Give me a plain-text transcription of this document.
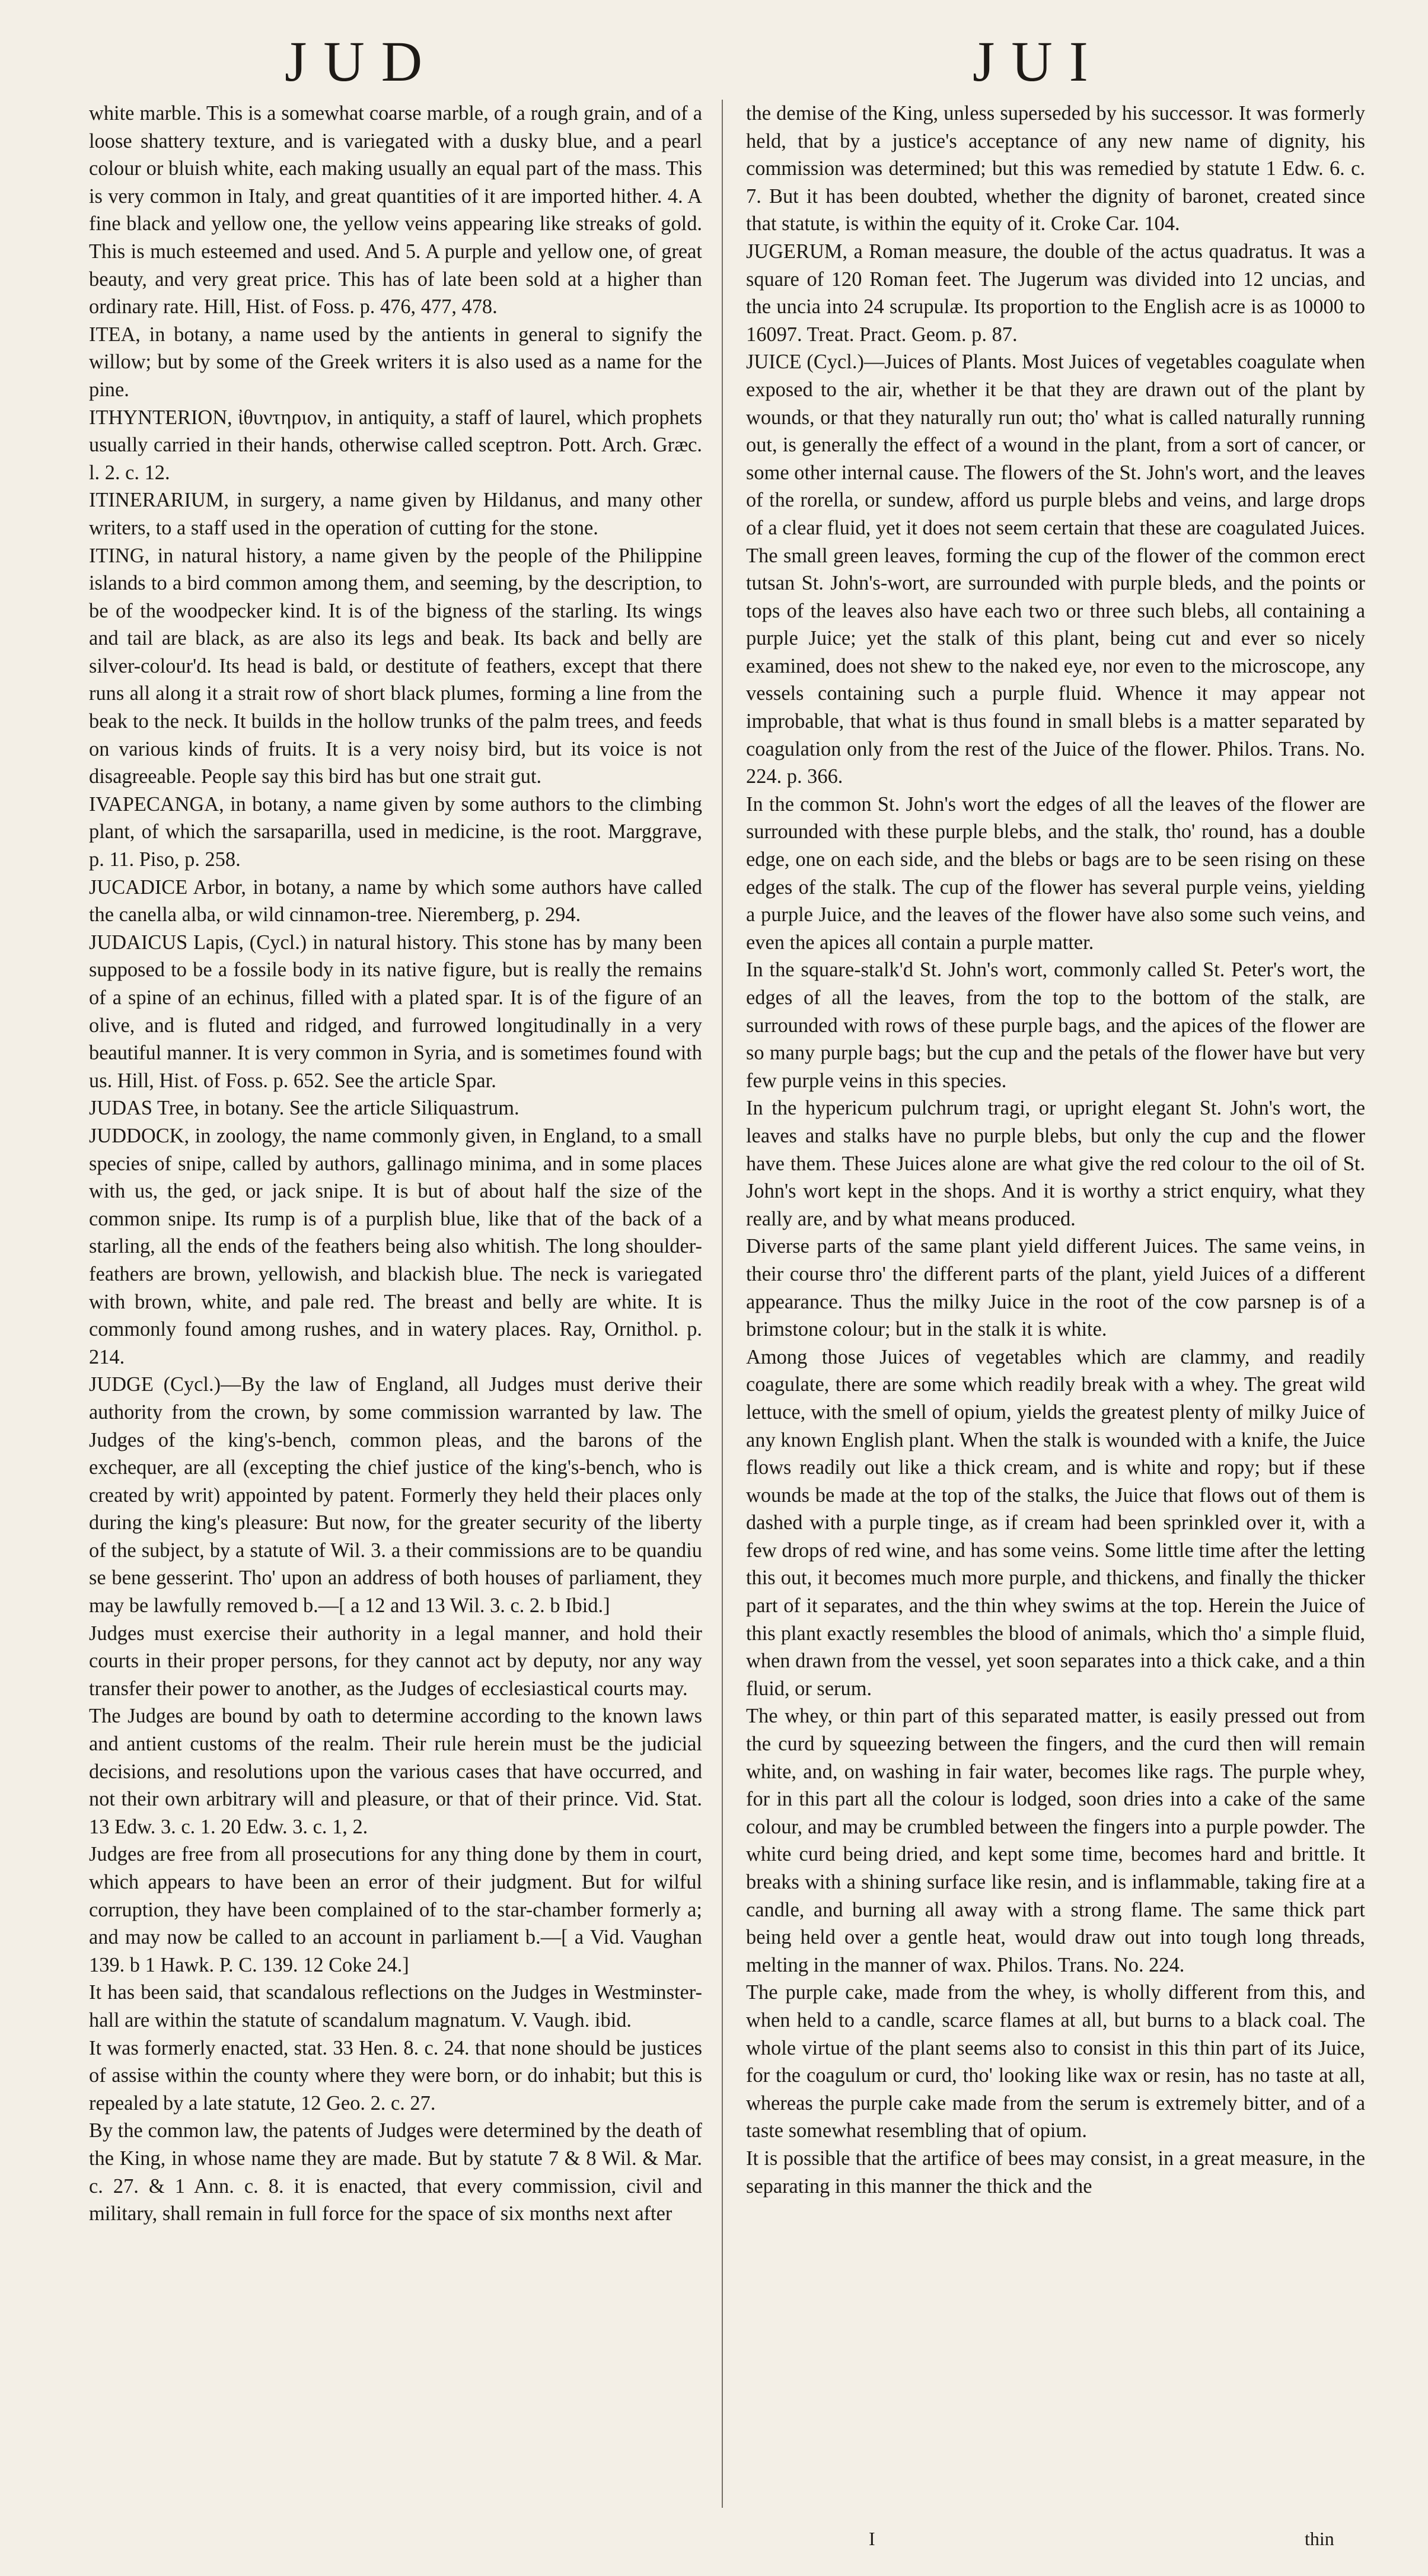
JUD	JUI

white marble. This is a somewhat coarse marble, of a rough grain, and of a loose shattery texture, and is variegated with a dusky blue, and a pearl colour or bluish white, each making usually an equal part of the mass. This is very common in Italy, and great quantities of it are imported hither. 4. A fine black and yellow one, the yellow veins appearing like streaks of gold. This is much esteemed and used. And 5. A purple and yellow one, of great beauty, and very great price. This has of late been sold at a higher than ordinary rate. Hill, Hist. of Foss. p. 476, 477, 478.

ITEA, in botany, a name used by the antients in general to signify the willow; but by some of the Greek writers it is also used as a name for the pine.

ITHYNTERION, ἰθυντηριον, in antiquity, a staff of laurel, which prophets usually carried in their hands, otherwise called sceptron. Pott. Arch. Græc. l. 2. c. 12.

ITINERARIUM, in surgery, a name given by Hildanus, and many other writers, to a staff used in the operation of cutting for the stone.

ITING, in natural history, a name given by the people of the Philippine islands to a bird common among them, and seeming, by the description, to be of the woodpecker kind. It is of the bigness of the starling. Its wings and tail are black, as are also its legs and beak. Its back and belly are silver-colour'd. Its head is bald, or destitute of feathers, except that there runs all along it a strait row of short black plumes, forming a line from the beak to the neck. It builds in the hollow trunks of the palm trees, and feeds on various kinds of fruits. It is a very noisy bird, but its voice is not disagreeable. People say this bird has but one strait gut.

IVAPECANGA, in botany, a name given by some authors to the climbing plant, of which the sarsaparilla, used in medicine, is the root. Marggrave, p. 11. Piso, p. 258.

JUCADICE Arbor, in botany, a name by which some authors have called the canella alba, or wild cinnamon-tree. Nieremberg, p. 294.

JUDAICUS Lapis, (Cycl.) in natural history. This stone has by many been supposed to be a fossile body in its native figure, but is really the remains of a spine of an echinus, filled with a plated spar. It is of the figure of an olive, and is fluted and ridged, and furrowed longitudinally in a very beautiful manner. It is very common in Syria, and is sometimes found with us. Hill, Hist. of Foss. p. 652. See the article Spar.

JUDAS Tree, in botany. See the article Siliquastrum.

JUDDOCK, in zoology, the name commonly given, in England, to a small species of snipe, called by authors, gallinago minima, and in some places with us, the ged, or jack snipe. It is but of about half the size of the common snipe. Its rump is of a purplish blue, like that of the back of a starling, all the ends of the feathers being also whitish. The long shoulder-feathers are brown, yellowish, and blackish blue. The neck is variegated with brown, white, and pale red. The breast and belly are white. It is commonly found among rushes, and in watery places. Ray, Ornithol. p. 214.

JUDGE (Cycl.)—By the law of England, all Judges must derive their authority from the crown, by some commission warranted by law. The Judges of the king's-bench, common pleas, and the barons of the exchequer, are all (excepting the chief justice of the king's-bench, who is created by writ) appointed by patent. Formerly they held their places only during the king's pleasure: But now, for the greater security of the liberty of the subject, by a statute of Wil. 3. a their commissions are to be quandiu se bene gesserint. Tho' upon an address of both houses of parliament, they may be lawfully removed b.—[ a 12 and 13 Wil. 3. c. 2. b Ibid.]

Judges must exercise their authority in a legal manner, and hold their courts in their proper persons, for they cannot act by deputy, nor any way transfer their power to another, as the Judges of ecclesiastical courts may.

The Judges are bound by oath to determine according to the known laws and antient customs of the realm. Their rule herein must be the judicial decisions, and resolutions upon the various cases that have occurred, and not their own arbitrary will and pleasure, or that of their prince. Vid. Stat. 13 Edw. 3. c. 1. 20 Edw. 3. c. 1, 2.

Judges are free from all prosecutions for any thing done by them in court, which appears to have been an error of their judgment. But for wilful corruption, they have been complained of to the star-chamber formerly a; and may now be called to an account in parliament b.—[ a Vid. Vaughan 139. b 1 Hawk. P. C. 139. 12 Coke 24.]

It has been said, that scandalous reflections on the Judges in Westminster-hall are within the statute of scandalum magnatum. V. Vaugh. ibid.

It was formerly enacted, stat. 33 Hen. 8. c. 24. that none should be justices of assise within the county where they were born, or do inhabit; but this is repealed by a late statute, 12 Geo. 2. c. 27.

By the common law, the patents of Judges were determined by the death of the King, in whose name they are made. But by statute 7 & 8 Wil. & Mar. c. 27. & 1 Ann. c. 8. it is enacted, that every commission, civil and military, shall remain in full force for the space of six months next after

the demise of the King, unless superseded by his successor. It was formerly held, that by a justice's acceptance of any new name of dignity, his commission was determined; but this was remedied by statute 1 Edw. 6. c. 7. But it has been doubted, whether the dignity of baronet, created since that statute, is within the equity of it. Croke Car. 104.

JUGERUM, a Roman measure, the double of the actus quadratus. It was a square of 120 Roman feet. The Jugerum was divided into 12 uncias, and the uncia into 24 scrupulæ. Its proportion to the English acre is as 10000 to 16097. Treat. Pract. Geom. p. 87.

JUICE (Cycl.)—Juices of Plants. Most Juices of vegetables coagulate when exposed to the air, whether it be that they are drawn out of the plant by wounds, or that they naturally run out; tho' what is called naturally running out, is generally the effect of a wound in the plant, from a sort of cancer, or some other internal cause. The flowers of the St. John's wort, and the leaves of the rorella, or sundew, afford us purple blebs and veins, and large drops of a clear fluid, yet it does not seem certain that these are coagulated Juices. The small green leaves, forming the cup of the flower of the common erect tutsan St. John's-wort, are surrounded with purple bleds, and the points or tops of the leaves also have each two or three such blebs, all containing a purple Juice; yet the stalk of this plant, being cut and ever so nicely examined, does not shew to the naked eye, nor even to the microscope, any vessels containing such a purple fluid. Whence it may appear not improbable, that what is thus found in small blebs is a matter separated by coagulation only from the rest of the Juice of the flower. Philos. Trans. No. 224. p. 366.

In the common St. John's wort the edges of all the leaves of the flower are surrounded with these purple blebs, and the stalk, tho' round, has a double edge, one on each side, and the blebs or bags are to be seen rising on these edges of the stalk. The cup of the flower has several purple veins, yielding a purple Juice, and the leaves of the flower have also some such veins, and even the apices all contain a purple matter.

In the square-stalk'd St. John's wort, commonly called St. Peter's wort, the edges of all the leaves, from the top to the bottom of the stalk, are surrounded with rows of these purple bags, and the apices of the flower are so many purple bags; but the cup and the petals of the flower have but very few purple veins in this species.

In the hypericum pulchrum tragi, or upright elegant St. John's wort, the leaves and stalks have no purple blebs, but only the cup and the flower have them. These Juices alone are what give the red colour to the oil of St. John's wort kept in the shops. And it is worthy a strict enquiry, what they really are, and by what means produced.

Diverse parts of the same plant yield different Juices. The same veins, in their course thro' the different parts of the plant, yield Juices of a different appearance. Thus the milky Juice in the root of the cow parsnep is of a brimstone colour; but in the stalk it is white.

Among those Juices of vegetables which are clammy, and readily coagulate, there are some which readily break with a whey. The great wild lettuce, with the smell of opium, yields the greatest plenty of milky Juice of any known English plant. When the stalk is wounded with a knife, the Juice flows readily out like a thick cream, and is white and ropy; but if these wounds be made at the top of the stalks, the Juice that flows out of them is dashed with a purple tinge, as if cream had been sprinkled over it, with a few drops of red wine, and has some veins. Some little time after the letting this out, it becomes much more purple, and thickens, and finally the thicker part of it separates, and the thin whey swims at the top. Herein the Juice of this plant exactly resembles the blood of animals, which tho' a simple fluid, when drawn from the vessel, yet soon separates into a thick cake, and a thin fluid, or serum.

The whey, or thin part of this separated matter, is easily pressed out from the curd by squeezing between the fingers, and the curd then will remain white, and, on washing in fair water, becomes like rags. The purple whey, for in this part all the colour is lodged, soon dries into a cake of the same colour, and may be crumbled between the fingers into a purple powder. The white curd being dried, and kept some time, becomes hard and brittle. It breaks with a shining surface like resin, and is inflammable, taking fire at a candle, and burning all away with a strong flame. The same thick part being held over a gentle heat, would draw out into tough long threads, melting in the manner of wax. Philos. Trans. No. 224.

The purple cake, made from the whey, is wholly different from this, and when held to a candle, scarce flames at all, but burns to a black coal. The whole virtue of the plant seems also to consist in this thin part of its Juice, for the coagulum or curd, tho' looking like wax or resin, has no taste at all, whereas the purple cake made from the serum is extremely bitter, and of a taste somewhat resembling that of opium.

It is possible that the artifice of bees may consist, in a great measure, in the separating in this manner the thick and the

I	thin
